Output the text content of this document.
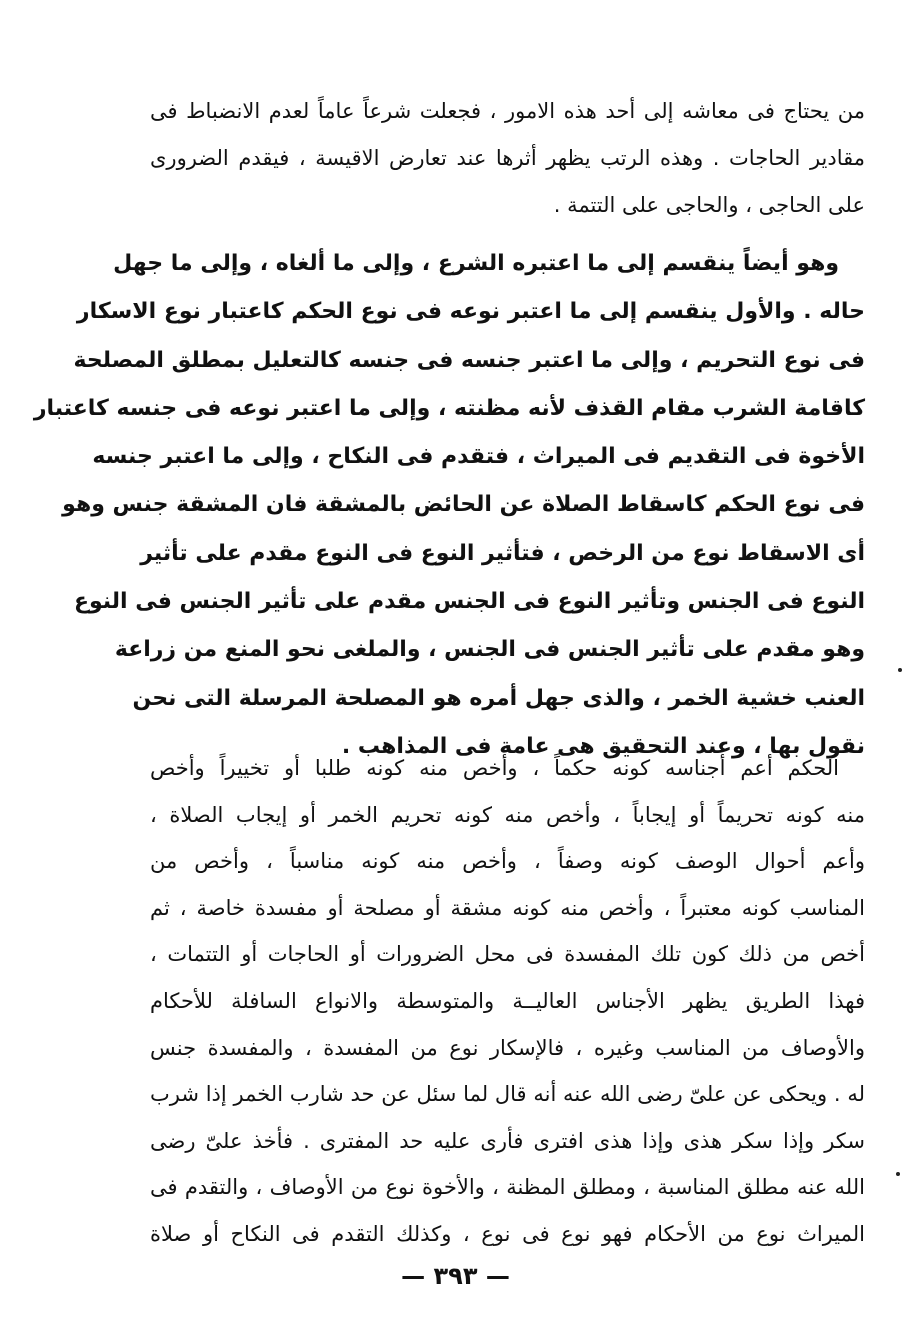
من يحتاج فى معاشه إلى أحد هذه الامور ، فجعلت شرعاً عاماً لعدم الانضباط فى
مقادير الحاجات . وهذه الرتب يظهر أثرها عند تعارض الاقيسة ، فيقدم الضرورى
على الحاجى ، والحاجى على التتمة .
وهو أيضاً ينقسم إلى ما اعتبره الشرع ، وإلى ما ألغاه ، وإلى ما جهل
حاله . والأول ينقسم إلى ما اعتبر نوعه فى نوع الحكم كاعتبار نوع الاسكار
فى نوع التحريم ، وإلى ما اعتبر جنسه فى جنسه كالتعليل بمطلق المصلحة
كاقامة الشرب مقام القذف لأنه مظنته ، وإلى ما اعتبر نوعه فى جنسه كاعتبار
الأخوة فى التقديم فى الميراث ، فتقدم فى النكاح ، وإلى ما اعتبر جنسه
فى نوع الحكم كاسقاط الصلاة عن الحائض بالمشقة فان المشقة جنس وهو
أى الاسقاط نوع من الرخص ، فتأثير النوع فى النوع مقدم على تأثير
النوع فى الجنس وتأثير النوع فى الجنس مقدم على تأثير الجنس فى النوع
وهو مقدم على تأثير الجنس فى الجنس ، والملغى نحو المنع من زراعة
العنب خشية الخمر ، والذى جهل أمره هو المصلحة المرسلة التى نحن
نقول بها ، وعند التحقيق هى عامة فى المذاهب .
الحكم أعم أجناسه كونه حكماً ، وأخص منه كونه طلبا أو تخييراً وأخص
منه كونه تحريماً أو إيجاباً ، وأخص منه كونه تحريم الخمر أو إيجاب الصلاة ،
وأعم أحوال الوصف كونه وصفاً ، وأخص منه كونه مناسباً ، وأخص من
المناسب كونه معتبراً ، وأخص منه كونه مشقة أو مصلحة أو مفسدة خاصة ، ثم
أخص من ذلك كون تلك المفسدة فى محل الضرورات أو الحاجات أو التتمات ،
فهذا الطريق يظهر الأجناس العاليــة والمتوسطة والانواع السافلة للأحكام
والأوصاف من المناسب وغيره ، فالإسكار نوع من المفسدة ، والمفسدة جنس
له . ويحكى عن علىّ رضى الله عنه أنه قال لما سئل عن حد شارب الخمر إذا شرب
سكر وإذا سكر هذى وإذا هذى افترى فأرى عليه حد المفترى . فأخذ علىّ رضى
الله عنه مطلق المناسبة ، ومطلق المظنة ، والأخوة نوع من الأوصاف ، والتقدم فى
الميراث نوع من الأحكام فهو نوع فى نوع ، وكذلك التقدم فى النكاح أو صلاة
— ٣٩٣ —
